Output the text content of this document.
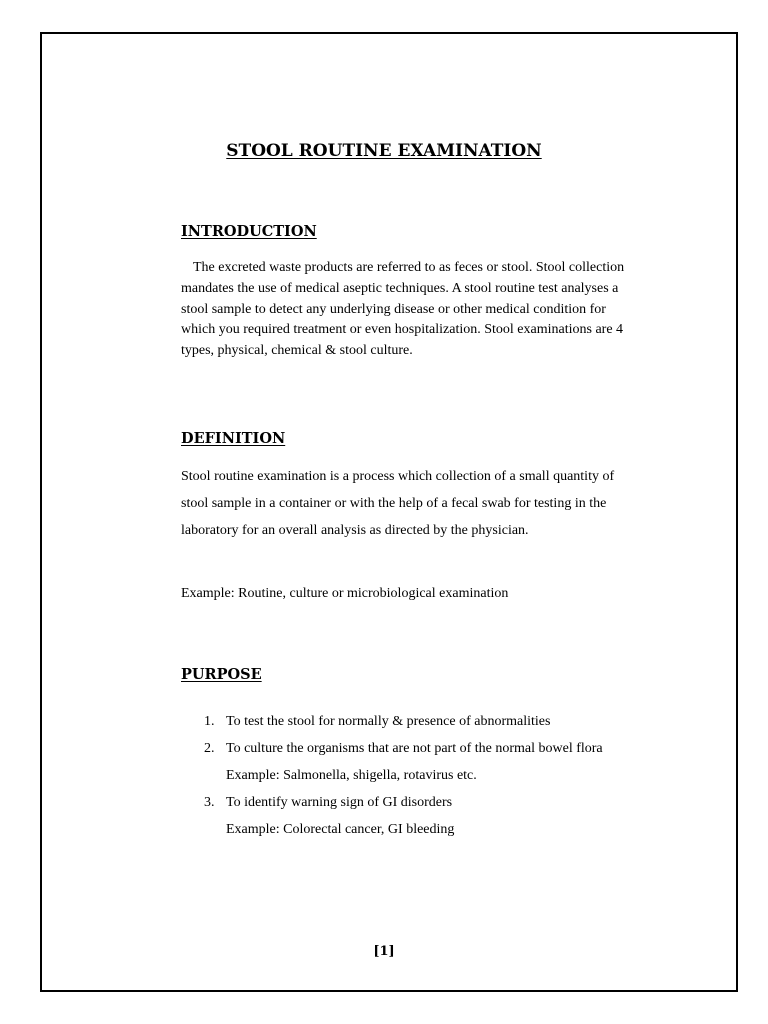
STOOL ROUTINE EXAMINATION
INTRODUCTION

The excreted waste products are referred to as feces or stool. Stool collection mandates the use of medical aseptic techniques. A stool routine test analyses a stool sample to detect any underlying disease or other medical condition for which you required treatment or even hospitalization. Stool examinations are 4 types, physical, chemical & stool culture.

DEFINITION

Stool routine examination is a process which collection of a small quantity of stool sample in a container or with the help of a fecal swab for testing in the laboratory for an overall analysis as directed by the physician.

Example: Routine, culture or microbiological examination

PURPOSE
1. To test the stool for normally & presence of abnormalities
2. To culture the organisms that are not part of the normal bowel flora
Example: Salmonella, shigella, rotavirus etc.
3. To identify warning sign of GI disorders
Example: Colorectal cancer, GI bleeding
[1]
